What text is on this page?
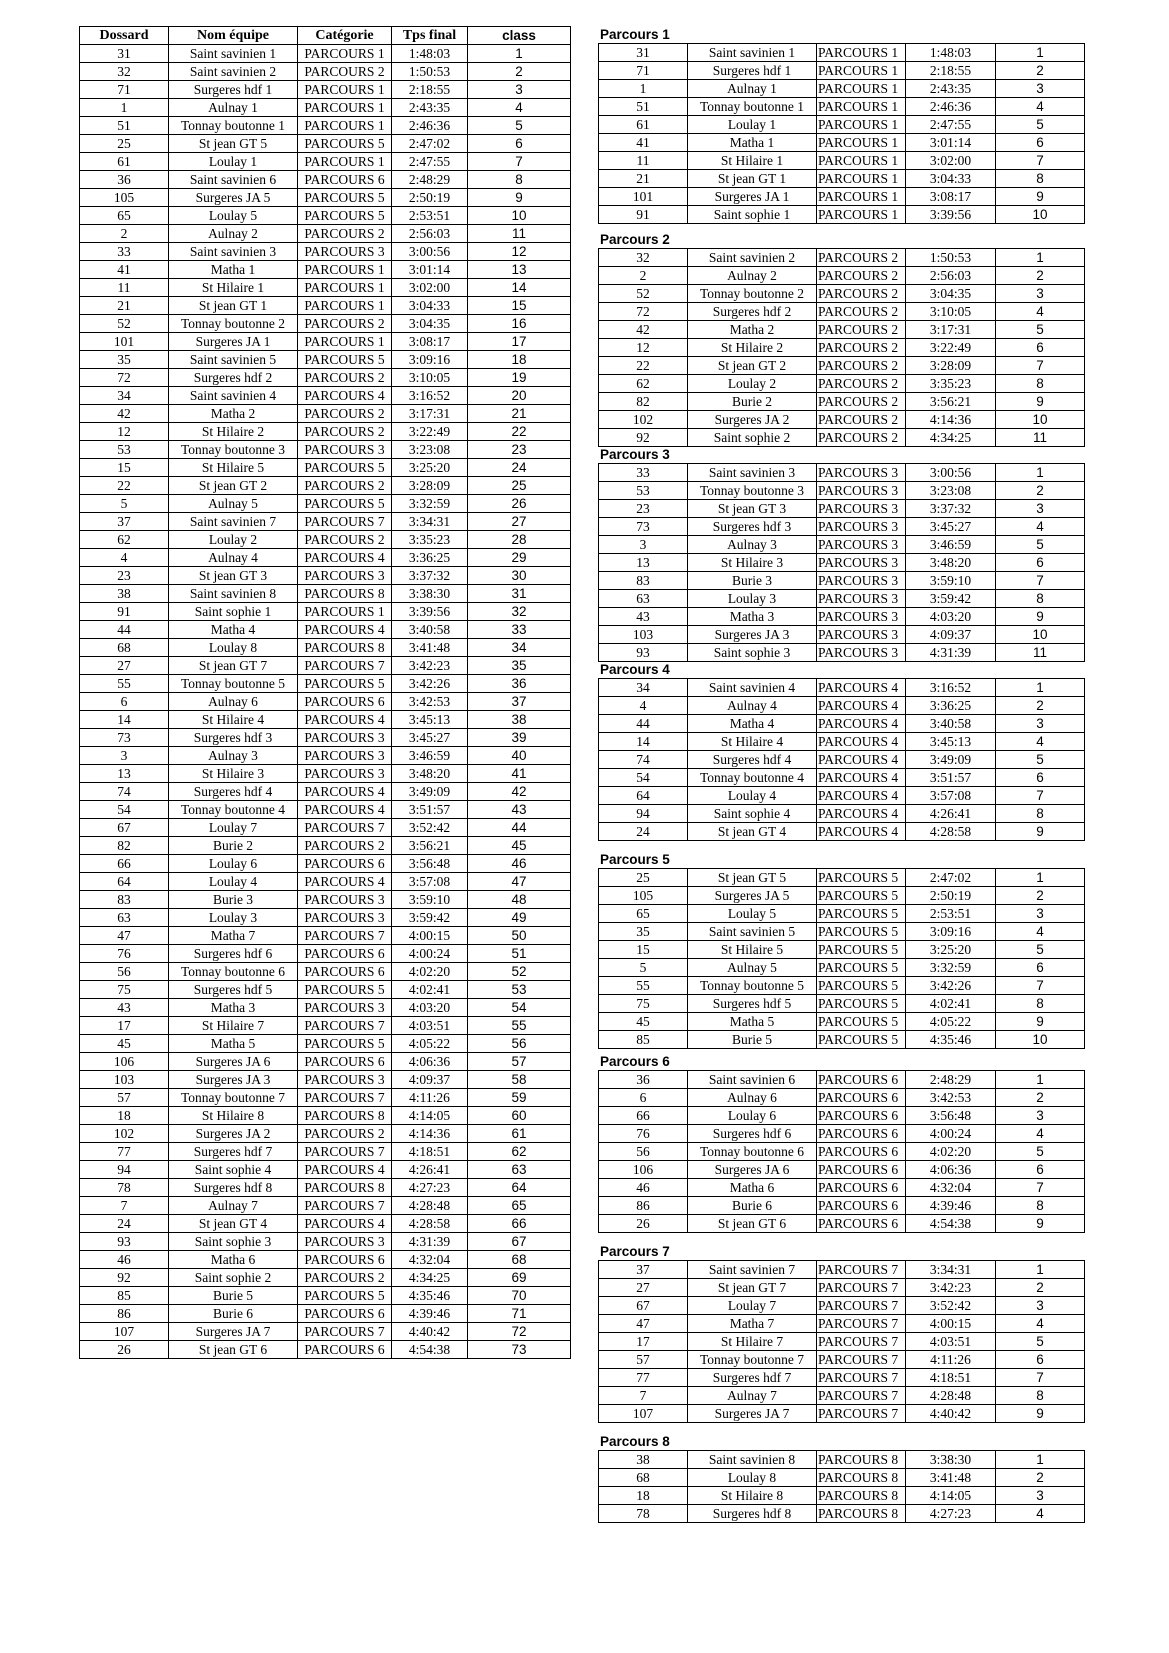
Dossard	Nom équipe	Catégorie	Tps final	class
31	Saint savinien 1	PARCOURS 1	1:48:03	1
32	Saint savinien 2	PARCOURS 2	1:50:53	2
71	Surgeres hdf 1	PARCOURS 1	2:18:55	3
1	Aulnay 1	PARCOURS 1	2:43:35	4
51	Tonnay boutonne 1	PARCOURS 1	2:46:36	5
25	St jean GT 5	PARCOURS 5	2:47:02	6
61	Loulay 1	PARCOURS 1	2:47:55	7
36	Saint savinien 6	PARCOURS 6	2:48:29	8
105	Surgeres JA 5	PARCOURS 5	2:50:19	9
65	Loulay 5	PARCOURS 5	2:53:51	10
2	Aulnay 2	PARCOURS 2	2:56:03	11
33	Saint savinien 3	PARCOURS 3	3:00:56	12
41	Matha 1	PARCOURS 1	3:01:14	13
11	St Hilaire 1	PARCOURS 1	3:02:00	14
21	St jean GT 1	PARCOURS 1	3:04:33	15
52	Tonnay boutonne 2	PARCOURS 2	3:04:35	16
101	Surgeres JA 1	PARCOURS 1	3:08:17	17
35	Saint savinien 5	PARCOURS 5	3:09:16	18
72	Surgeres hdf 2	PARCOURS 2	3:10:05	19
34	Saint savinien 4	PARCOURS 4	3:16:52	20
42	Matha 2	PARCOURS 2	3:17:31	21
12	St Hilaire 2	PARCOURS 2	3:22:49	22
53	Tonnay boutonne 3	PARCOURS 3	3:23:08	23
15	St Hilaire 5	PARCOURS 5	3:25:20	24
22	St jean GT 2	PARCOURS 2	3:28:09	25
5	Aulnay 5	PARCOURS 5	3:32:59	26
37	Saint savinien 7	PARCOURS 7	3:34:31	27
62	Loulay 2	PARCOURS 2	3:35:23	28
4	Aulnay 4	PARCOURS 4	3:36:25	29
23	St jean GT 3	PARCOURS 3	3:37:32	30
38	Saint savinien 8	PARCOURS 8	3:38:30	31
91	Saint sophie 1	PARCOURS 1	3:39:56	32
44	Matha 4	PARCOURS 4	3:40:58	33
68	Loulay 8	PARCOURS 8	3:41:48	34
27	St jean GT 7	PARCOURS 7	3:42:23	35
55	Tonnay boutonne 5	PARCOURS 5	3:42:26	36
6	Aulnay 6	PARCOURS 6	3:42:53	37
14	St Hilaire 4	PARCOURS 4	3:45:13	38
73	Surgeres hdf 3	PARCOURS 3	3:45:27	39
3	Aulnay 3	PARCOURS 3	3:46:59	40
13	St Hilaire 3	PARCOURS 3	3:48:20	41
74	Surgeres hdf 4	PARCOURS 4	3:49:09	42
54	Tonnay boutonne 4	PARCOURS 4	3:51:57	43
67	Loulay 7	PARCOURS 7	3:52:42	44
82	Burie 2	PARCOURS 2	3:56:21	45
66	Loulay 6	PARCOURS 6	3:56:48	46
64	Loulay 4	PARCOURS 4	3:57:08	47
83	Burie 3	PARCOURS 3	3:59:10	48
63	Loulay 3	PARCOURS 3	3:59:42	49
47	Matha 7	PARCOURS 7	4:00:15	50
76	Surgeres hdf 6	PARCOURS 6	4:00:24	51
56	Tonnay boutonne 6	PARCOURS 6	4:02:20	52
75	Surgeres hdf 5	PARCOURS 5	4:02:41	53
43	Matha 3	PARCOURS 3	4:03:20	54
17	St Hilaire 7	PARCOURS 7	4:03:51	55
45	Matha 5	PARCOURS 5	4:05:22	56
106	Surgeres JA 6	PARCOURS 6	4:06:36	57
103	Surgeres JA 3	PARCOURS 3	4:09:37	58
57	Tonnay boutonne 7	PARCOURS 7	4:11:26	59
18	St Hilaire 8	PARCOURS 8	4:14:05	60
102	Surgeres JA 2	PARCOURS 2	4:14:36	61
77	Surgeres hdf 7	PARCOURS 7	4:18:51	62
94	Saint sophie 4	PARCOURS 4	4:26:41	63
78	Surgeres hdf 8	PARCOURS 8	4:27:23	64
7	Aulnay 7	PARCOURS 7	4:28:48	65
24	St jean GT 4	PARCOURS 4	4:28:58	66
93	Saint sophie 3	PARCOURS 3	4:31:39	67
46	Matha 6	PARCOURS 6	4:32:04	68
92	Saint sophie 2	PARCOURS 2	4:34:25	69
85	Burie 5	PARCOURS 5	4:35:46	70
86	Burie 6	PARCOURS 6	4:39:46	71
107	Surgeres JA 7	PARCOURS 7	4:40:42	72
26	St jean GT 6	PARCOURS 6	4:54:38	73
Parcours 1
31	Saint savinien 1	PARCOURS 1	1:48:03	1
71	Surgeres hdf 1	PARCOURS 1	2:18:55	2
1	Aulnay 1	PARCOURS 1	2:43:35	3
51	Tonnay boutonne 1	PARCOURS 1	2:46:36	4
61	Loulay 1	PARCOURS 1	2:47:55	5
41	Matha 1	PARCOURS 1	3:01:14	6
11	St Hilaire 1	PARCOURS 1	3:02:00	7
21	St jean GT 1	PARCOURS 1	3:04:33	8
101	Surgeres JA 1	PARCOURS 1	3:08:17	9
91	Saint sophie 1	PARCOURS 1	3:39:56	10
Parcours 2
32	Saint savinien 2	PARCOURS 2	1:50:53	1
2	Aulnay 2	PARCOURS 2	2:56:03	2
52	Tonnay boutonne 2	PARCOURS 2	3:04:35	3
72	Surgeres hdf 2	PARCOURS 2	3:10:05	4
42	Matha 2	PARCOURS 2	3:17:31	5
12	St Hilaire 2	PARCOURS 2	3:22:49	6
22	St jean GT 2	PARCOURS 2	3:28:09	7
62	Loulay 2	PARCOURS 2	3:35:23	8
82	Burie 2	PARCOURS 2	3:56:21	9
102	Surgeres JA 2	PARCOURS 2	4:14:36	10
92	Saint sophie 2	PARCOURS 2	4:34:25	11
Parcours 3
33	Saint savinien 3	PARCOURS 3	3:00:56	1
53	Tonnay boutonne 3	PARCOURS 3	3:23:08	2
23	St jean GT 3	PARCOURS 3	3:37:32	3
73	Surgeres hdf 3	PARCOURS 3	3:45:27	4
3	Aulnay 3	PARCOURS 3	3:46:59	5
13	St Hilaire 3	PARCOURS 3	3:48:20	6
83	Burie 3	PARCOURS 3	3:59:10	7
63	Loulay 3	PARCOURS 3	3:59:42	8
43	Matha 3	PARCOURS 3	4:03:20	9
103	Surgeres JA 3	PARCOURS 3	4:09:37	10
93	Saint sophie 3	PARCOURS 3	4:31:39	11
Parcours 4
34	Saint savinien 4	PARCOURS 4	3:16:52	1
4	Aulnay 4	PARCOURS 4	3:36:25	2
44	Matha 4	PARCOURS 4	3:40:58	3
14	St Hilaire 4	PARCOURS 4	3:45:13	4
74	Surgeres hdf 4	PARCOURS 4	3:49:09	5
54	Tonnay boutonne 4	PARCOURS 4	3:51:57	6
64	Loulay 4	PARCOURS 4	3:57:08	7
94	Saint sophie 4	PARCOURS 4	4:26:41	8
24	St jean GT 4	PARCOURS 4	4:28:58	9
Parcours 5
25	St jean GT 5	PARCOURS 5	2:47:02	1
105	Surgeres JA 5	PARCOURS 5	2:50:19	2
65	Loulay 5	PARCOURS 5	2:53:51	3
35	Saint savinien 5	PARCOURS 5	3:09:16	4
15	St Hilaire 5	PARCOURS 5	3:25:20	5
5	Aulnay 5	PARCOURS 5	3:32:59	6
55	Tonnay boutonne 5	PARCOURS 5	3:42:26	7
75	Surgeres hdf 5	PARCOURS 5	4:02:41	8
45	Matha 5	PARCOURS 5	4:05:22	9
85	Burie 5	PARCOURS 5	4:35:46	10
Parcours 6
36	Saint savinien 6	PARCOURS 6	2:48:29	1
6	Aulnay 6	PARCOURS 6	3:42:53	2
66	Loulay 6	PARCOURS 6	3:56:48	3
76	Surgeres hdf 6	PARCOURS 6	4:00:24	4
56	Tonnay boutonne 6	PARCOURS 6	4:02:20	5
106	Surgeres JA 6	PARCOURS 6	4:06:36	6
46	Matha 6	PARCOURS 6	4:32:04	7
86	Burie 6	PARCOURS 6	4:39:46	8
26	St jean GT 6	PARCOURS 6	4:54:38	9
Parcours 7
37	Saint savinien 7	PARCOURS 7	3:34:31	1
27	St jean GT 7	PARCOURS 7	3:42:23	2
67	Loulay 7	PARCOURS 7	3:52:42	3
47	Matha 7	PARCOURS 7	4:00:15	4
17	St Hilaire 7	PARCOURS 7	4:03:51	5
57	Tonnay boutonne 7	PARCOURS 7	4:11:26	6
77	Surgeres hdf 7	PARCOURS 7	4:18:51	7
7	Aulnay 7	PARCOURS 7	4:28:48	8
107	Surgeres JA 7	PARCOURS 7	4:40:42	9
Parcours 8
38	Saint savinien 8	PARCOURS 8	3:38:30	1
68	Loulay 8	PARCOURS 8	3:41:48	2
18	St Hilaire 8	PARCOURS 8	4:14:05	3
78	Surgeres hdf 8	PARCOURS 8	4:27:23	4
